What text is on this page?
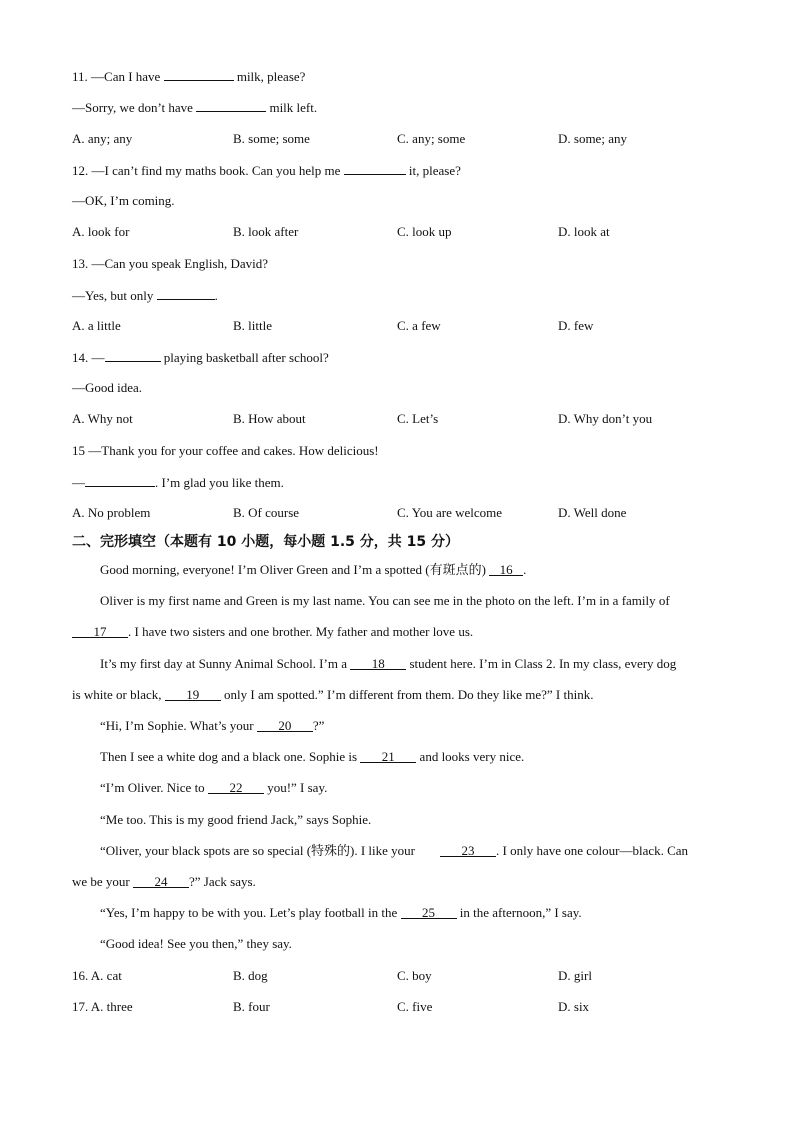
11. —Can I have	milk, please?
—Sorry, we don’t have	milk left.
A. any; any	B. some; some	C. any; some	D. some; any
12. —I can’t find my maths book. Can you help me	it, please?
—OK, I’m coming.
A. look for	B. look after	C. look up	D. look at
13. —Can you speak English, David?
—Yes, but only	.
A. a little	B. little	C. a few	D. few
14. —	playing basketball after school?
—Good idea.
A. Why not	B. How about	C. Let’s	D. Why don’t you
15 —Thank you for your coffee and cakes. How delicious!
—	. I’m glad you like them.
A. No problem	B. Of course	C. You are welcome	D. Well done
二、完形填空（本题有 10 小题，每小题 1.5 分，共 15 分）
Good morning, everyone! I’m Oliver Green and I’m a spotted (有斑点的) 16 .
Oliver is my first name and Green is my last name. You can see me in the photo on the left. I’m in a family of
17 . I have two sisters and one brother. My father and mother love us.
It’s my first day at Sunny Animal School. I’m a 18 student here. I’m in Class 2. In my class, every dog
is white or black, 19 only I am spotted.” I’m different from them. Do they like me?” I think.
“Hi, I’m Sophie. What’s your 20 ?”
Then I see a white dog and a black one. Sophie is 21 and looks very nice.
“I’m Oliver. Nice to 22 you!” I say.
“Me too. This is my good friend Jack,” says Sophie.
“Oliver, your black spots are so special (特殊的). I like your	23 . I only have one colour—black. Can
we be your 24 ?” Jack says.
“Yes, I’m happy to be with you. Let’s play football in the 25 in the afternoon,” I say.
“Good idea! See you then,” they say.
16. A. cat	B. dog	C. boy	D. girl
17. A. three	B. four	C. five	D. six
